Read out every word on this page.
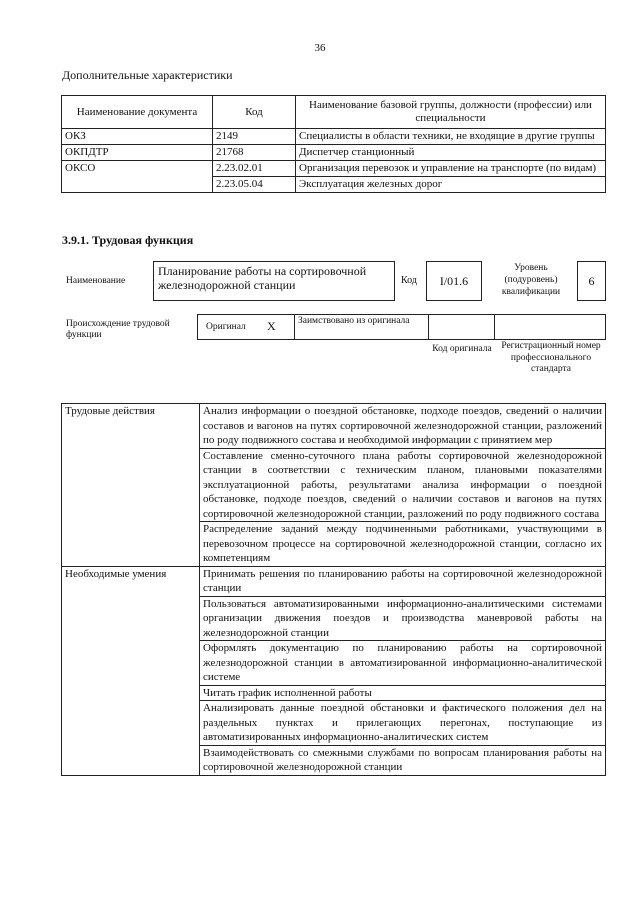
36
Дополнительные характеристики
Наименование документа	Код	Наименование базовой группы, должности (профессии) или специальности
ОКЗ	2149	Специалисты в области техники, не входящие в другие группы
ОКПДТР	21768	Диспетчер станционный
ОКСО	2.23.02.01	Организация перевозок и управление на транспорте (по видам)
	2.23.05.04	Эксплуатация железных дорог
3.9.1. Трудовая функция
Наименование
Планирование работы на сортировочной железнодорожной станции	Код	I/01.6
Уровень (подуровень) квалификации
6
Происхождение трудовой функции
Оригинал X	Заимствовано из оригинала
Код оригинала	Регистрационный номер профессионального стандарта
Трудовые действия	Анализ информации о поездной обстановке, подходе поездов, сведений о наличии составов и вагонов на путях сортировочной железнодорожной станции, разложений по роду подвижного состава и необходимой информации с принятием мер
	Составление сменно-суточного плана работы сортировочной железнодорожной станции в соответствии с техническим планом, плановыми показателями эксплуатационной работы, результатами анализа информации о поездной обстановке, подходе поездов, сведений о наличии составов и вагонов на путях сортировочной железнодорожной станции, разложений по роду подвижного состава
	Распределение заданий между подчиненными работниками, участвующими в перевозочном процессе на сортировочной железнодорожной станции, согласно их компетенциям
Необходимые умения	Принимать решения по планированию работы на сортировочной железнодорожной станции
	Пользоваться автоматизированными информационно-аналитическими системами организации движения поездов и производства маневровой работы на железнодорожной станции
	Оформлять документацию по планированию работы на сортировочной железнодорожной станции в автоматизированной информационно-аналитической системе
	Читать график исполненной работы
	Анализировать данные поездной обстановки и фактического положения дел на раздельных пунктах и прилегающих перегонах, поступающие из автоматизированных информационно-аналитических систем
	Взаимодействовать со смежными службами по вопросам планирования работы на сортировочной железнодорожной станции
